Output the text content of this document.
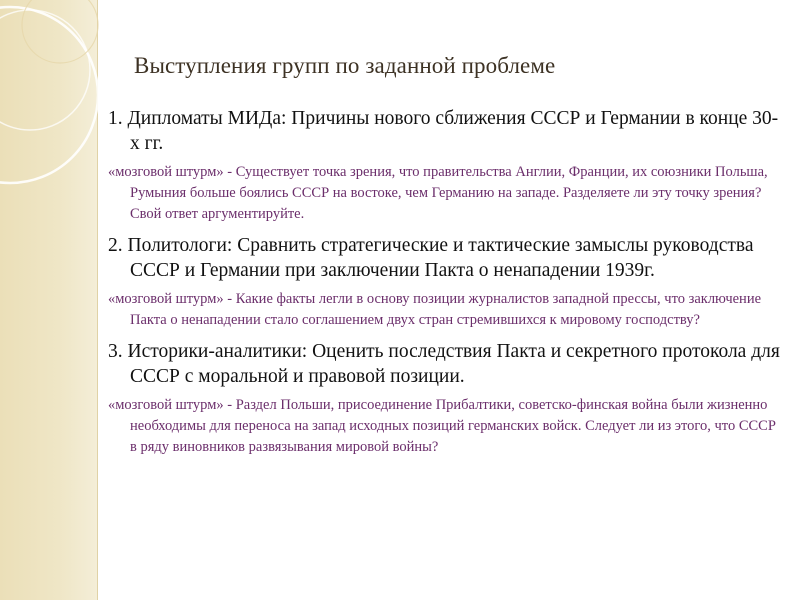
Выступления групп по заданной проблеме

1. Дипломаты МИДа: Причины нового сближения СССР и Германии в конце 30-х гг.

«мозговой штурм» - Существует точка зрения, что правительства Англии, Франции, их союзники Польша, Румыния больше боялись СССР на востоке, чем Германию на западе. Разделяете ли эту точку зрения? Свой ответ аргументируйте.

2. Политологи: Сравнить стратегические и тактические замыслы руководства СССР и Германии при заключении Пакта о ненападении 1939г.

«мозговой штурм» - Какие факты легли в основу позиции журналистов западной прессы, что заключение Пакта о ненападении стало соглашением двух стран стремившихся к мировому господству?

3. Историки-аналитики: Оценить последствия Пакта и секретного протокола для СССР с моральной и правовой позиции.

«мозговой штурм» - Раздел Польши, присоединение Прибалтики, советско-финская война были жизненно необходимы для переноса на запад исходных позиций германских войск. Следует ли из этого, что СССР в ряду виновников развязывания мировой войны?
